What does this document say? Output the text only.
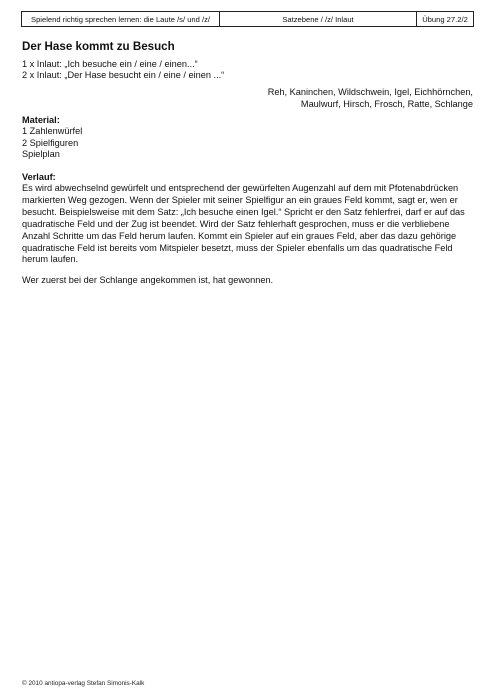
Spielend richtig sprechen lernen: die Laute /s/ und /z/	Satzebene / /z/ Inlaut	Übung 27.2/2
Der Hase kommt zu Besuch
1 x Inlaut: „Ich besuche ein / eine / einen...“
2 x Inlaut: „Der Hase besucht ein / eine / einen ...“
Reh, Kaninchen, Wildschwein, Igel, Eichhörnchen,
Maulwurf, Hirsch, Frosch, Ratte, Schlange
Material:
1 Zahlenwürfel
2 Spielfiguren
Spielplan
Verlauf:

Es wird abwechselnd gewürfelt und entsprechend der gewürfelten Augenzahl auf dem mit Pfotenabdrücken markierten Weg gezogen. Wenn der Spieler mit seiner Spielfigur an ein graues Feld kommt, sagt er, wen er besucht. Beispielsweise mit dem Satz: „Ich besuche einen Igel.“ Spricht er den Satz fehlerfrei, darf er auf das quadratische Feld und der Zug ist beendet. Wird der Satz fehlerhaft gesprochen, muss er die verbliebene Anzahl Schritte um das Feld herum laufen. Kommt ein Spieler auf ein graues Feld, aber das dazu gehörige quadratische Feld ist bereits vom Mitspieler besetzt, muss der Spieler ebenfalls um das quadratische Feld herum laufen.

Wer zuerst bei der Schlange angekommen ist, hat gewonnen.
© 2010 antiopa-verlag Stefan Simonis-Kalk
